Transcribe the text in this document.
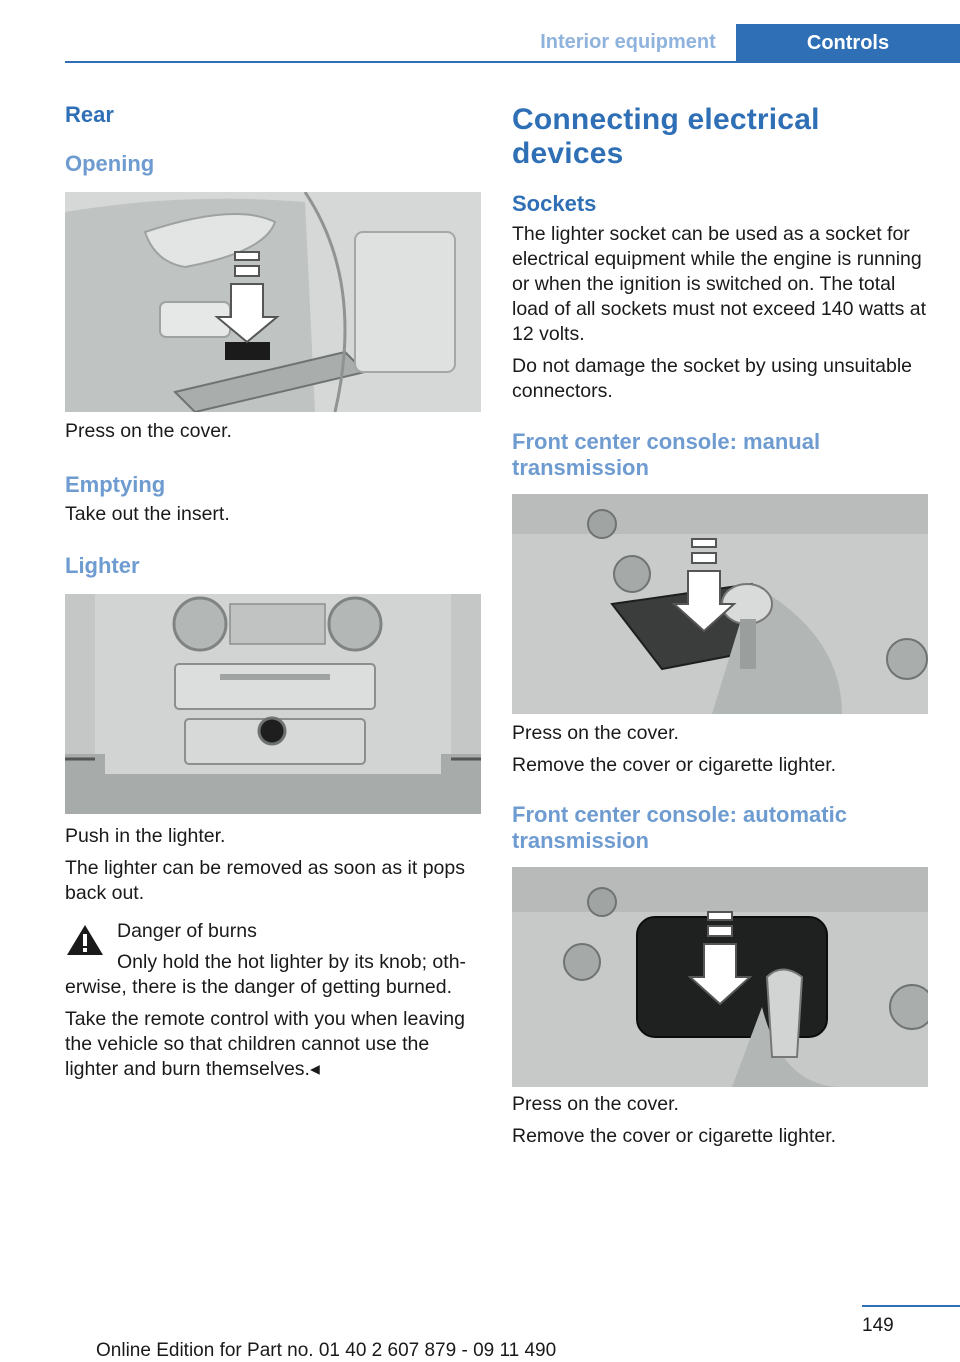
Interior equipment	Controls
Rear
Opening

Press on the cover.

Emptying

Take out the insert.

Lighter

Push in the lighter.

The lighter can be removed as soon as it pops back out.

Danger of burns

Only hold the hot lighter by its knob; otherwise, there is the danger of getting burned.

Take the remote control with you when leaving the vehicle so that children cannot use the lighter and burn themselves.◂

Connecting electrical devices
Sockets

The lighter socket can be used as a socket for electrical equipment while the engine is running or when the ignition is switched on. The total load of all sockets must not exceed 140 watts at 12 volts.

Do not damage the socket by using unsuitable connectors.

Front center console: manual transmission

Press on the cover.

Remove the cover or cigarette lighter.

Front center console: automatic transmission

Press on the cover.

Remove the cover or cigarette lighter.

149
Online Edition for Part no. 01 40 2 607 879 - 09 11 490
